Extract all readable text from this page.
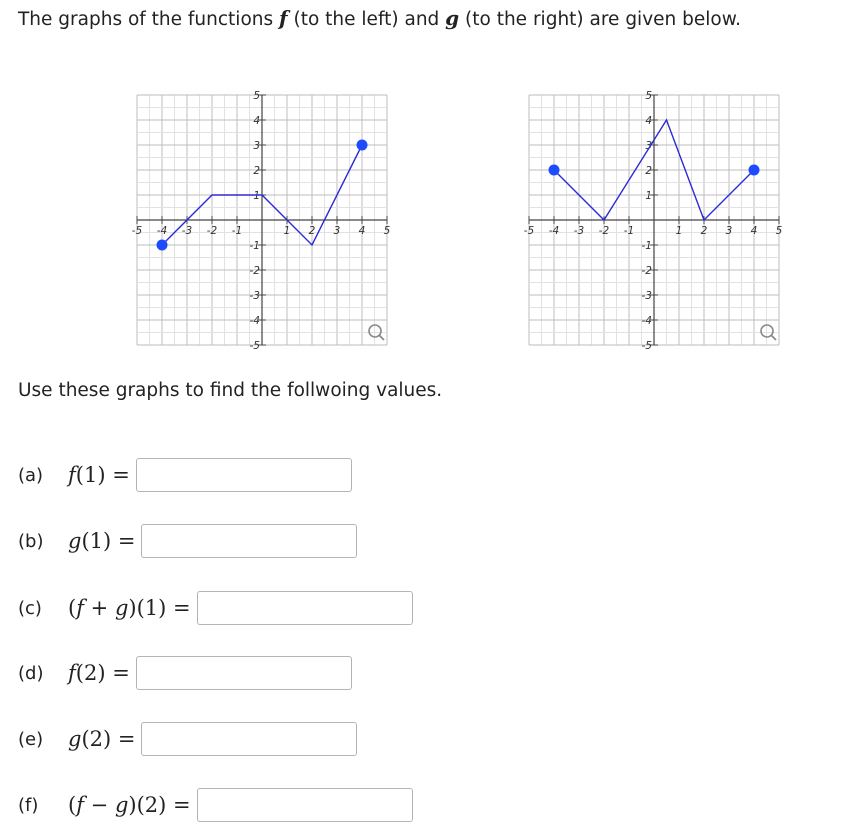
The graphs of the functions f (to the left) and g (to the right) are given below.
-5 -4 -3 -2 -1	1 2 3 4 5
5
4
3
2
1
-1
-2
-3
-4
-5
-5 -4 -3 -2 -1	1 2 3 4 5
5
4
3
2
1
-1
-2
-3
-4
-5
Use these graphs to find the follwoing values.
(a)	f(1) =
(b)	g(1) =
(c)	(f + g)(1) =
(d)	f(2) =
(e)	g(2) =
(f)	(f − g)(2) =
